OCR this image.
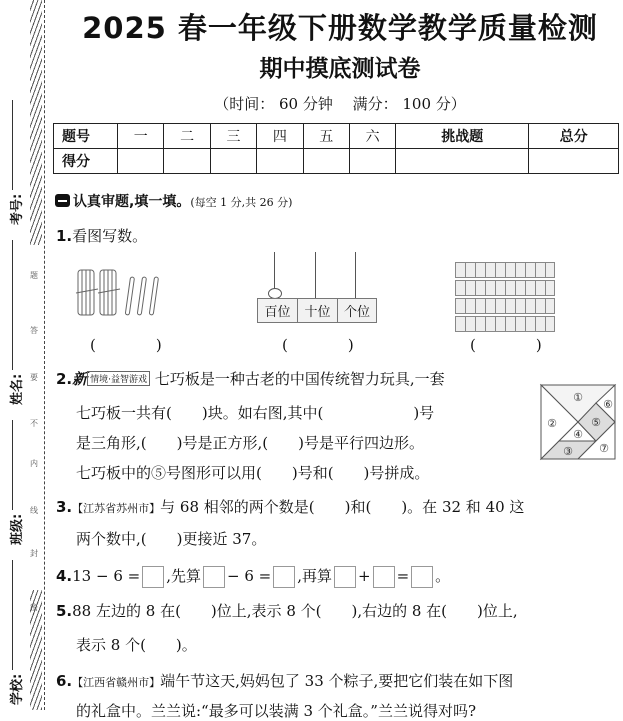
考号:
姓名:
班级:
学校:
题
答
要
不
内
线
封
密
2025 春一年级下册数学教学质量检测
期中摸底测试卷
（时间： 60 分钟　 满分： 100 分）
题号	一	二	三	四	五	六	挑战题	总分
得分								
认真审题,填一填。(每空 1 分,共 26 分)
1.看图写数。
百位	十位	个位
(　　　　)	(　　　　)	(　　　　)
2.新 情境·益智游戏 七巧板是一种古老的中国传统智力玩具,一套
七巧板一共有(　　)块。如右图,其中(　　　　　　)号
是三角形,(　　)号是正方形,(　　)号是平行四边形。
七巧板中的⑤号图形可以用(　　)号和(　　)号拼成。
①
②
③
④
⑤
⑥
⑦
3.【江苏省苏州市】与 68 相邻的两个数是(　　)和(　　)。在 32 和 40 这
两个数中,(　　)更接近 37。
4.13 − 6 = ,先算 − 6 = ,再算 + = 。
5.88 左边的 8 在(　　)位上,表示 8 个(　　),右边的 8 在(　　)位上,
表示 8 个(　　)。
6.【江西省赣州市】端午节这天,妈妈包了 33 个粽子,要把它们装在如下图
的礼盒中。兰兰说:“最多可以装满 3 个礼盒。”兰兰说得对吗?
